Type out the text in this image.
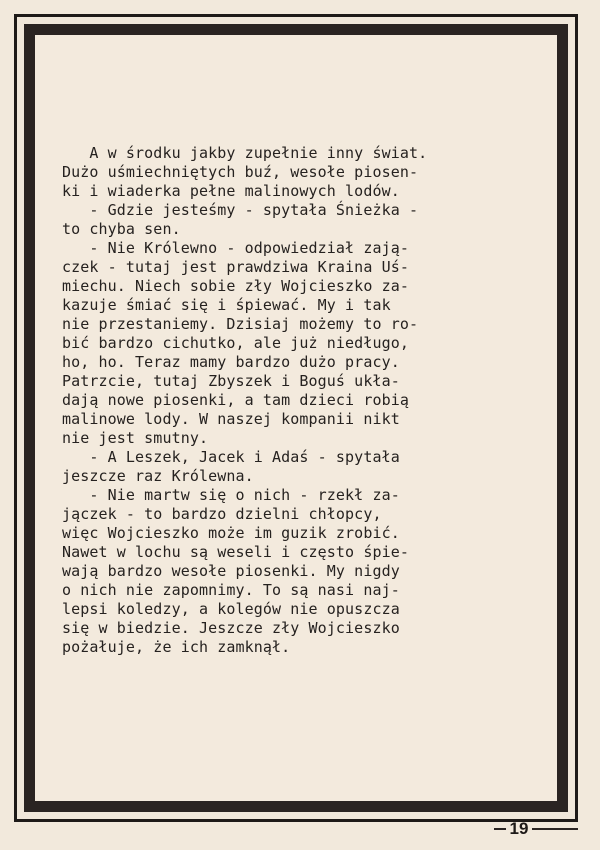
A w środku jakby zupełnie inny świat.
Dużo uśmiechniętych buź, wesołe piosen-
ki i wiaderka pełne malinowych lodów.
- Gdzie jesteśmy - spytała Śnieżka -
to chyba sen.
- Nie Królewno - odpowiedział zają-
czek - tutaj jest prawdziwa Kraina Uś-
miechu. Niech sobie zły Wojcieszko za-
kazuje śmiać się i śpiewać. My i tak
nie przestaniemy. Dzisiaj możemy to ro-
bić bardzo cichutko, ale już niedługo,
ho, ho. Teraz mamy bardzo dużo pracy.
Patrzcie, tutaj Zbyszek i Boguś ukła-
dają nowe piosenki, a tam dzieci robią
malinowe lody. W naszej kompanii nikt
nie jest smutny.
- A Leszek, Jacek i Adaś - spytała
jeszcze raz Królewna.
- Nie martw się o nich - rzekł za-
jączek - to bardzo dzielni chłopcy,
więc Wojcieszko może im guzik zrobić.
Nawet w lochu są weseli i często śpie-
wają bardzo wesołe piosenki. My nigdy
o nich nie zapomnimy. To są nasi naj-
lepsi koledzy, a kolegów nie opuszcza
się w biedzie. Jeszcze zły Wojcieszko
pożałuje, że ich zamknął.
19
